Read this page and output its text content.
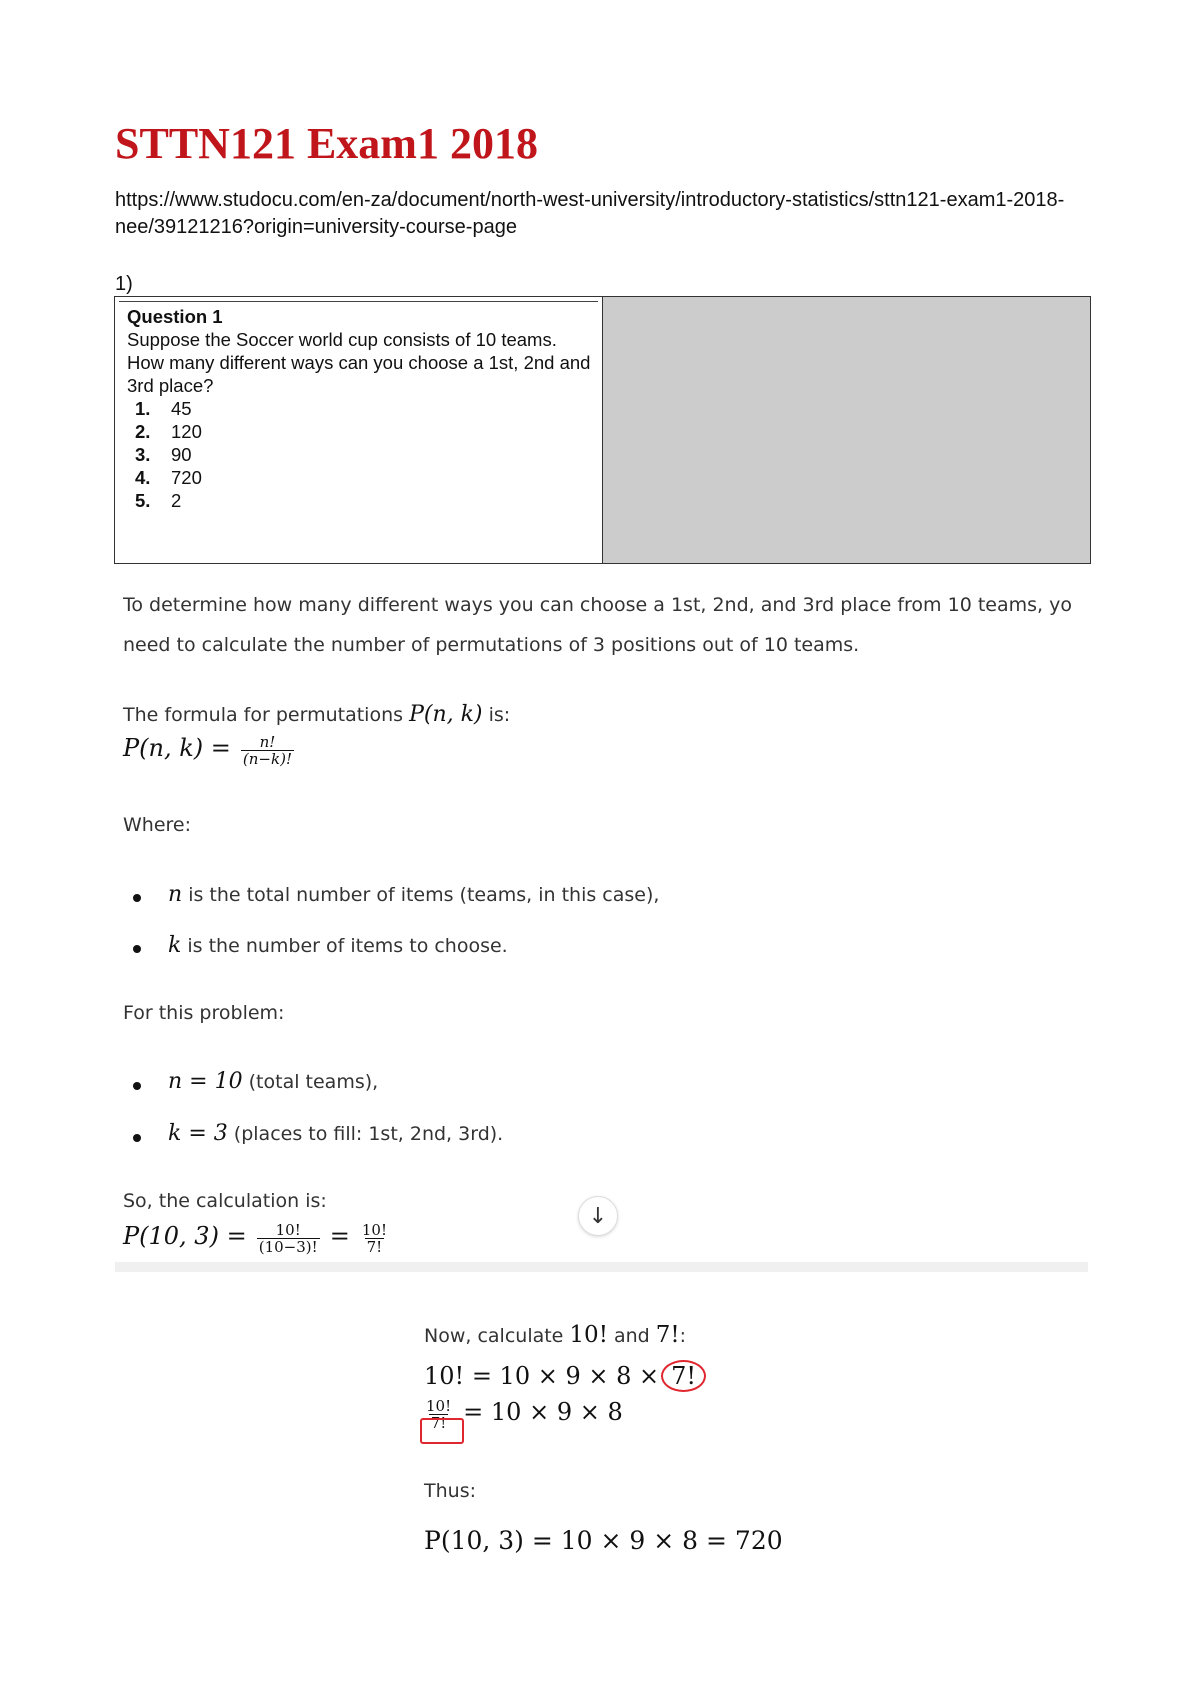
STTN121 Exam1 2018
https://www.studocu.com/en-za/document/north-west-university/introductory-statistics/sttn121-exam1-2018-nee/39121216?origin=university-course-page
1)
Question 1
Suppose the Soccer world cup consists of 10 teams. How many different ways can you choose a 1st, 2nd and 3rd place?
1.	45
2.	120
3.	90
4.	720
5.	2

To determine how many different ways you can choose a 1st, 2nd, and 3rd place from 10 teams, yo

need to calculate the number of permutations of 3 positions out of 10 teams.

The formula for permutations P(n, k) is:

P(n, $k) = \frac{n!}{(n-k)!}$

Where:

n is the total number of items (teams, in this case),

k is the number of items to choose.

For this problem:

n = 10 (total teams),

k = 3 (places to fill: 1st, 2nd, 3rd).

So, the calculation is:

P(10, $3) = \frac{10!}{(10-3)!} = \frac{10!}{7!}$

↓

Now, calculate 10! and 7!:

10! = 10 × 9 × 8 × 7!

$\frac{10!}{7!} = 10 \times 9 \times 8$

Thus:

P(10, 3) = 10 × 9 × 8 = 720
